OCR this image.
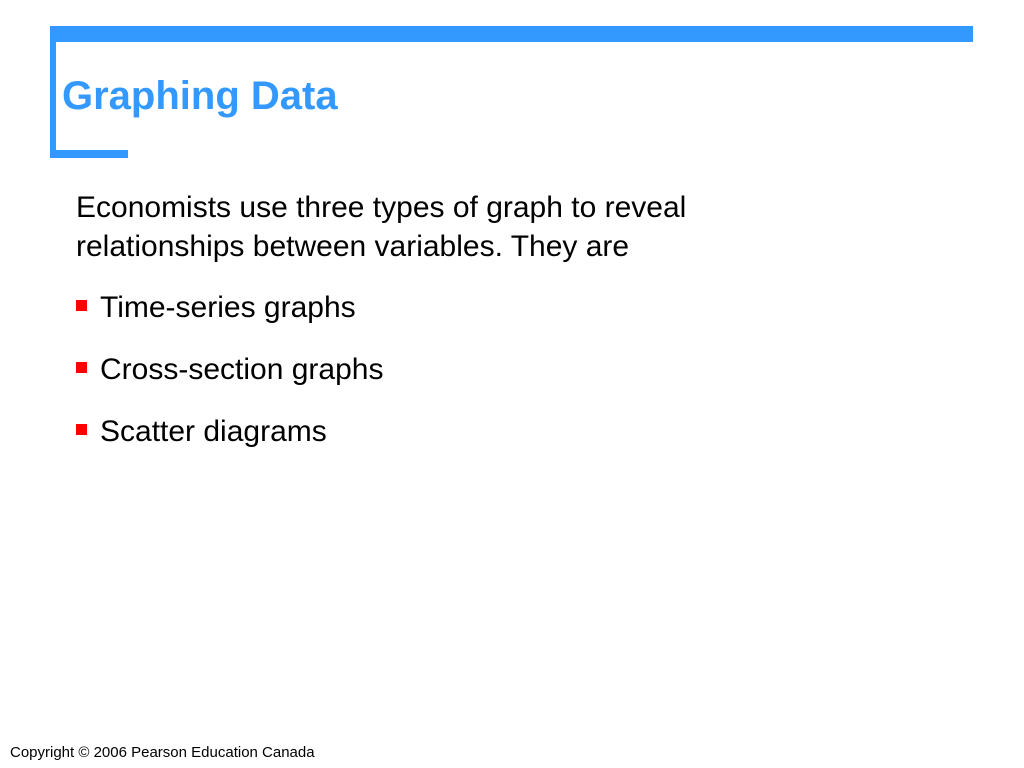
Graphing Data

Economists use three types of graph to reveal relationships between variables. They are

Time-series graphs
Cross-section graphs
Scatter diagrams

Copyright © 2006 Pearson Education Canada
